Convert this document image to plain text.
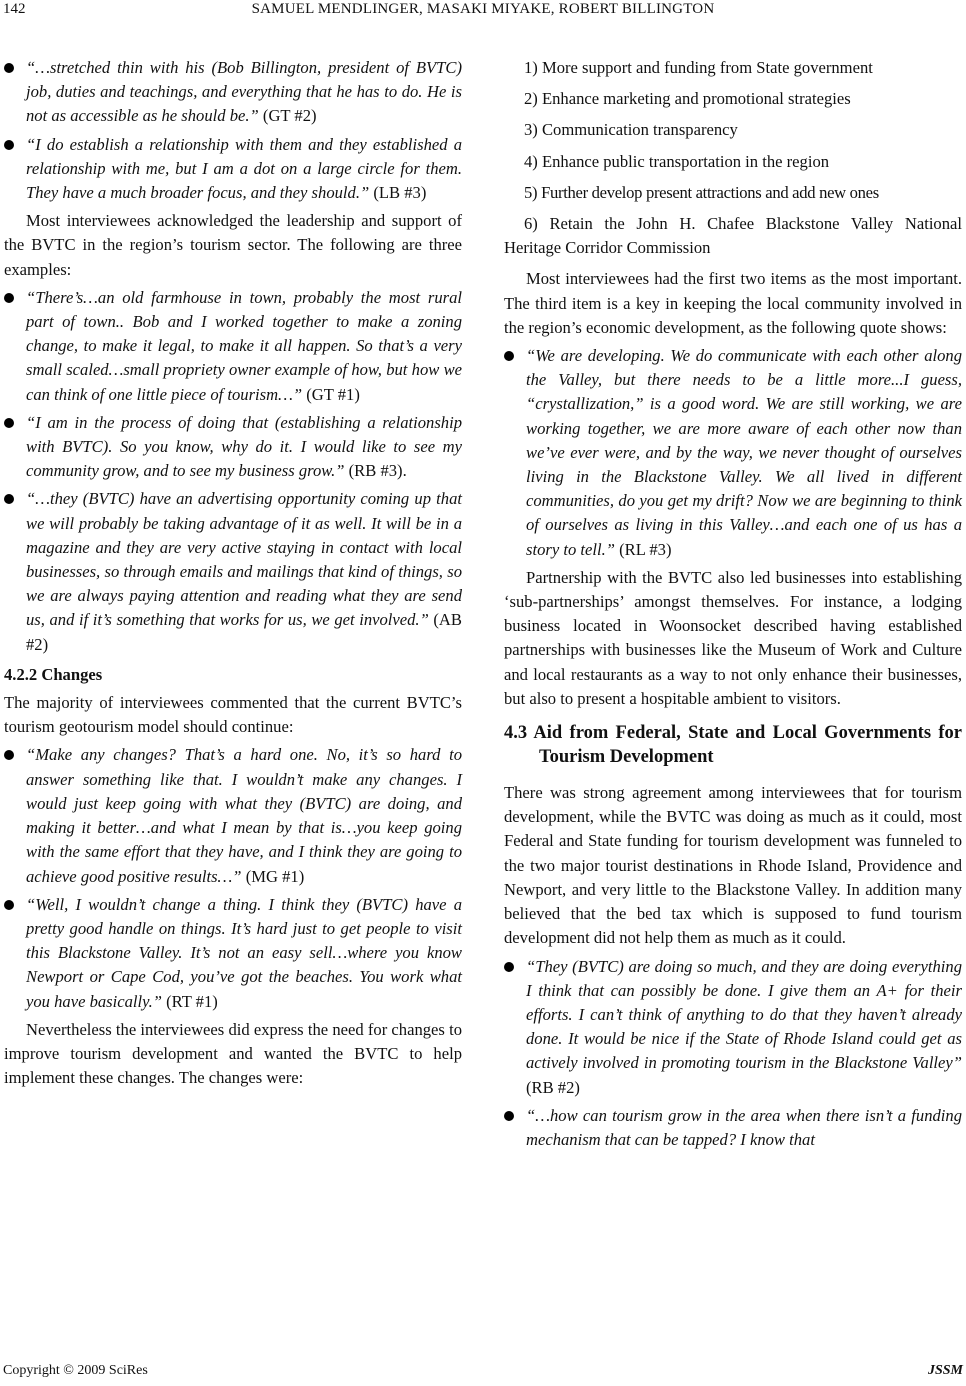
142	SAMUEL MENDLINGER, MASAKI MIYAKE, ROBERT BILLINGTON
“…stretched thin with his (Bob Billington, president of BVTC) job, duties and teachings, and everything that he has to do. He is not as accessible as he should be.” (GT #2)
“I do establish a relationship with them and they established a relationship with me, but I am a dot on a large circle for them. They have a much broader focus, and they should.” (LB #3)

Most interviewees acknowledged the leadership and support of the BVTC in the region’s tourism sector. The following are three examples:

“There’s…an old farmhouse in town, probably the most rural part of town.. Bob and I worked together to make a zoning change, to make it legal, to make it all happen. So that’s a very small scaled…small propriety owner example of how, but how we can think of one little piece of tourism…” (GT #1)
“I am in the process of doing that (establishing a relationship with BVTC). So you know, why do it. I would like to see my community grow, and to see my business grow.” (RB #3).
“…they (BVTC) have an advertising opportunity coming up that we will probably be taking advantage of it as well. It will be in a magazine and they are very active staying in contact with local businesses, so through emails and mailings that kind of things, so we are always paying attention and reading what they are send us, and if it’s something that works for us, we get involved.” (AB #2)
4.2.2 Changes

The majority of interviewees commented that the current BVTC’s tourism geotourism model should continue:

“Make any changes? That’s a hard one. No, it’s so hard to answer something like that. I wouldn’t make any changes. I would just keep going with what they (BVTC) are doing, and making it better…and what I mean by that is…you keep going with the same effort that they have, and I think they are going to achieve good positive results…” (MG #1)
“Well, I wouldn’t change a thing. I think they (BVTC) have a pretty good handle on things. It’s hard just to get people to visit this Blackstone Valley. It’s not an easy sell…where you know Newport or Cape Cod, you’ve got the beaches. You work what you have basically.” (RT #1)

Nevertheless the interviewees did express the need for changes to improve tourism development and wanted the BVTC to help implement these changes. The changes were:

1) More support and funding from State government
2) Enhance marketing and promotional strategies
3) Communication transparency
4) Enhance public transportation in the region
5) Further develop present attractions and add new ones
6) Retain the John H. Chafee Blackstone Valley National Heritage Corridor Commission

Most interviewees had the first two items as the most important. The third item is a key in keeping the local community involved in the region’s economic development, as the following quote shows:

“We are developing. We do communicate with each other along the Valley, but there needs to be a little more...I guess, “crystallization,” is a good word. We are still working, we are working together, we are more aware of each other now than we’ve ever were, and by the way, we never thought of ourselves living in the Blackstone Valley. We all lived in different communities, do you get my drift? Now we are beginning to think of ourselves as living in this Valley…and each one of us has a story to tell.” (RL #3)

Partnership with the BVTC also led businesses into establishing ‘sub-partnerships’ amongst themselves. For instance, a lodging business located in Woonsocket described having established partnerships with businesses like the Museum of Work and Culture and local restaurants as a way to not only enhance their businesses, but also to present a hospitable ambient to visitors.

4.3 Aid from Federal, State and Local Governments for Tourism Development

There was strong agreement among interviewees that for tourism development, while the BVTC was doing as much as it could, most Federal and State funding for tourism development was funneled to the two major tourist destinations in Rhode Island, Providence and Newport, and very little to the Blackstone Valley. In addition many believed that the bed tax which is supposed to fund tourism development did not help them as much as it could.

“They (BVTC) are doing so much, and they are doing everything I think that can possibly be done. I give them an A+ for their efforts. I can’t think of anything to do that they haven’t already done. It would be nice if the State of Rhode Island could get as actively involved in promoting tourism in the Blackstone Valley” (RB #2)
“…how can tourism grow in the area when there isn’t a funding mechanism that can be tapped? I know that
Copyright © 2009 SciRes	JSSM
